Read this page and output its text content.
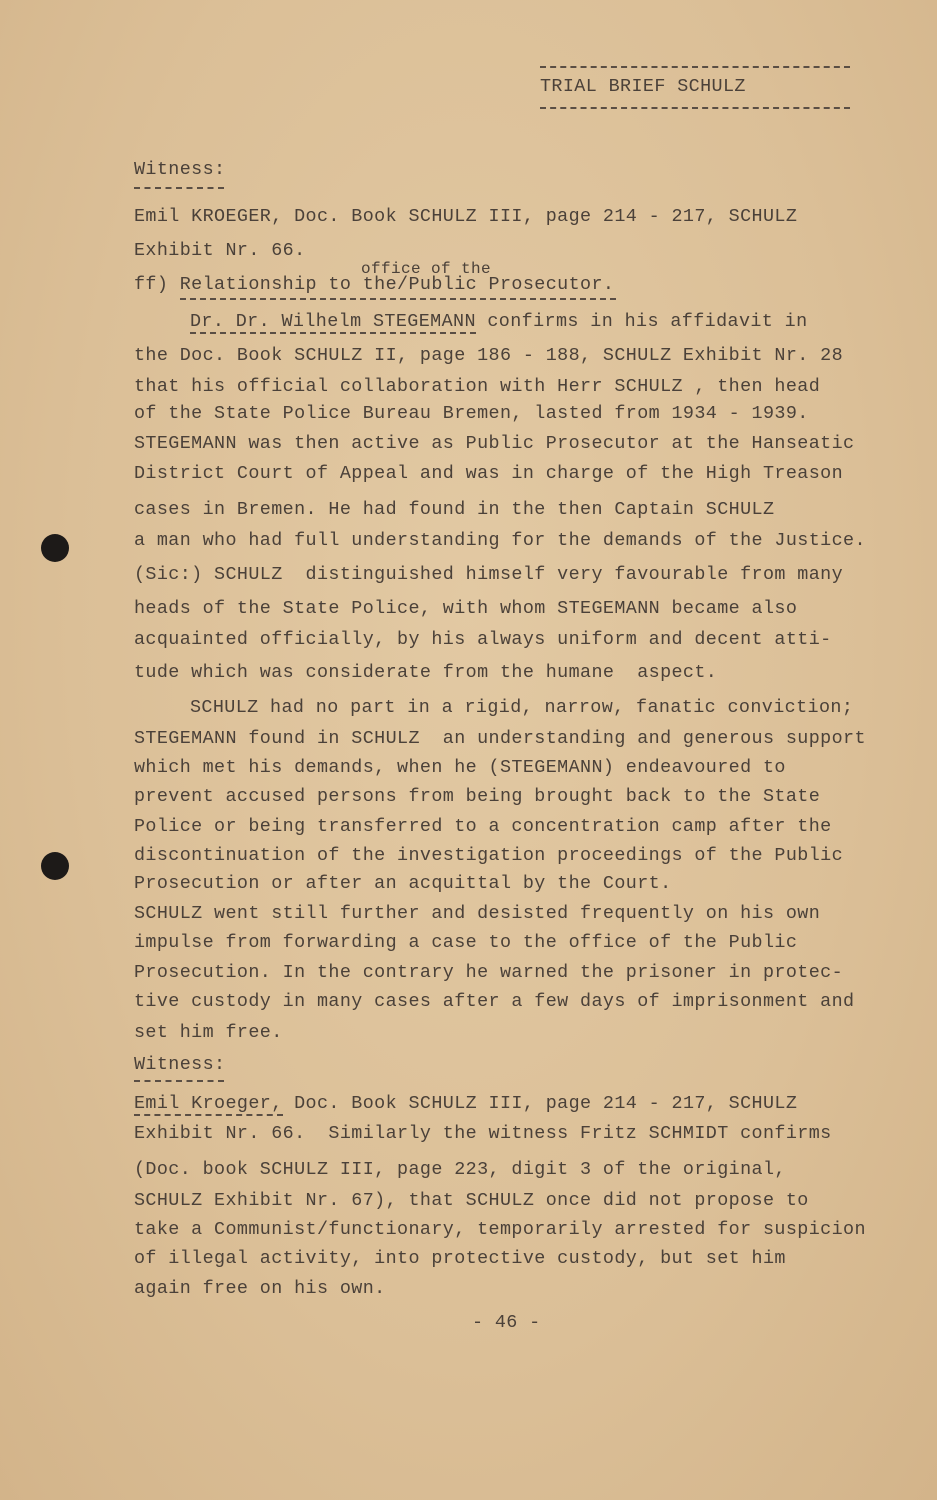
TRIAL BRIEF SCHULZ
Witness:
Emil KROEGER, Doc. Book SCHULZ III, page 214 - 217, SCHULZ
Exhibit Nr. 66.
office of the
ff) Relationship to the/Public Prosecutor.
Dr. Dr. Wilhelm STEGEMANN confirms in his affidavit in
the Doc. Book SCHULZ II, page 186 - 188, SCHULZ Exhibit Nr. 28
that his official collaboration with Herr SCHULZ , then head
of the State Police Bureau Bremen, lasted from 1934 - 1939.
STEGEMANN was then active as Public Prosecutor at the Hanseatic
District Court of Appeal and was in charge of the High Treason
cases in Bremen. He had found in the then Captain SCHULZ
a man who had full understanding for the demands of the Justice.
(Sic:) SCHULZ  distinguished himself very favourable from many
heads of the State Police, with whom STEGEMANN became also
acquainted officially, by his always uniform and decent atti-
tude which was considerate from the humane  aspect.
SCHULZ had no part in a rigid, narrow, fanatic conviction;
STEGEMANN found in SCHULZ  an understanding and generous support
which met his demands, when he (STEGEMANN) endeavoured to
prevent accused persons from being brought back to the State
Police or being transferred to a concentration camp after the
discontinuation of the investigation proceedings of the Public
Prosecution or after an acquittal by the Court.
SCHULZ went still further and desisted frequently on his own
impulse from forwarding a case to the office of the Public
Prosecution. In the contrary he warned the prisoner in protec-
tive custody in many cases after a few days of imprisonment and
set him free.
Witness:
Emil Kroeger, Doc. Book SCHULZ III, page 214 - 217, SCHULZ
Exhibit Nr. 66.  Similarly the witness Fritz SCHMIDT confirms
(Doc. book SCHULZ III, page 223, digit 3 of the original,
SCHULZ Exhibit Nr. 67), that SCHULZ once did not propose to
take a Communist/functionary, temporarily arrested for suspicion
of illegal activity, into protective custody, but set him
again free on his own.
- 46 -
